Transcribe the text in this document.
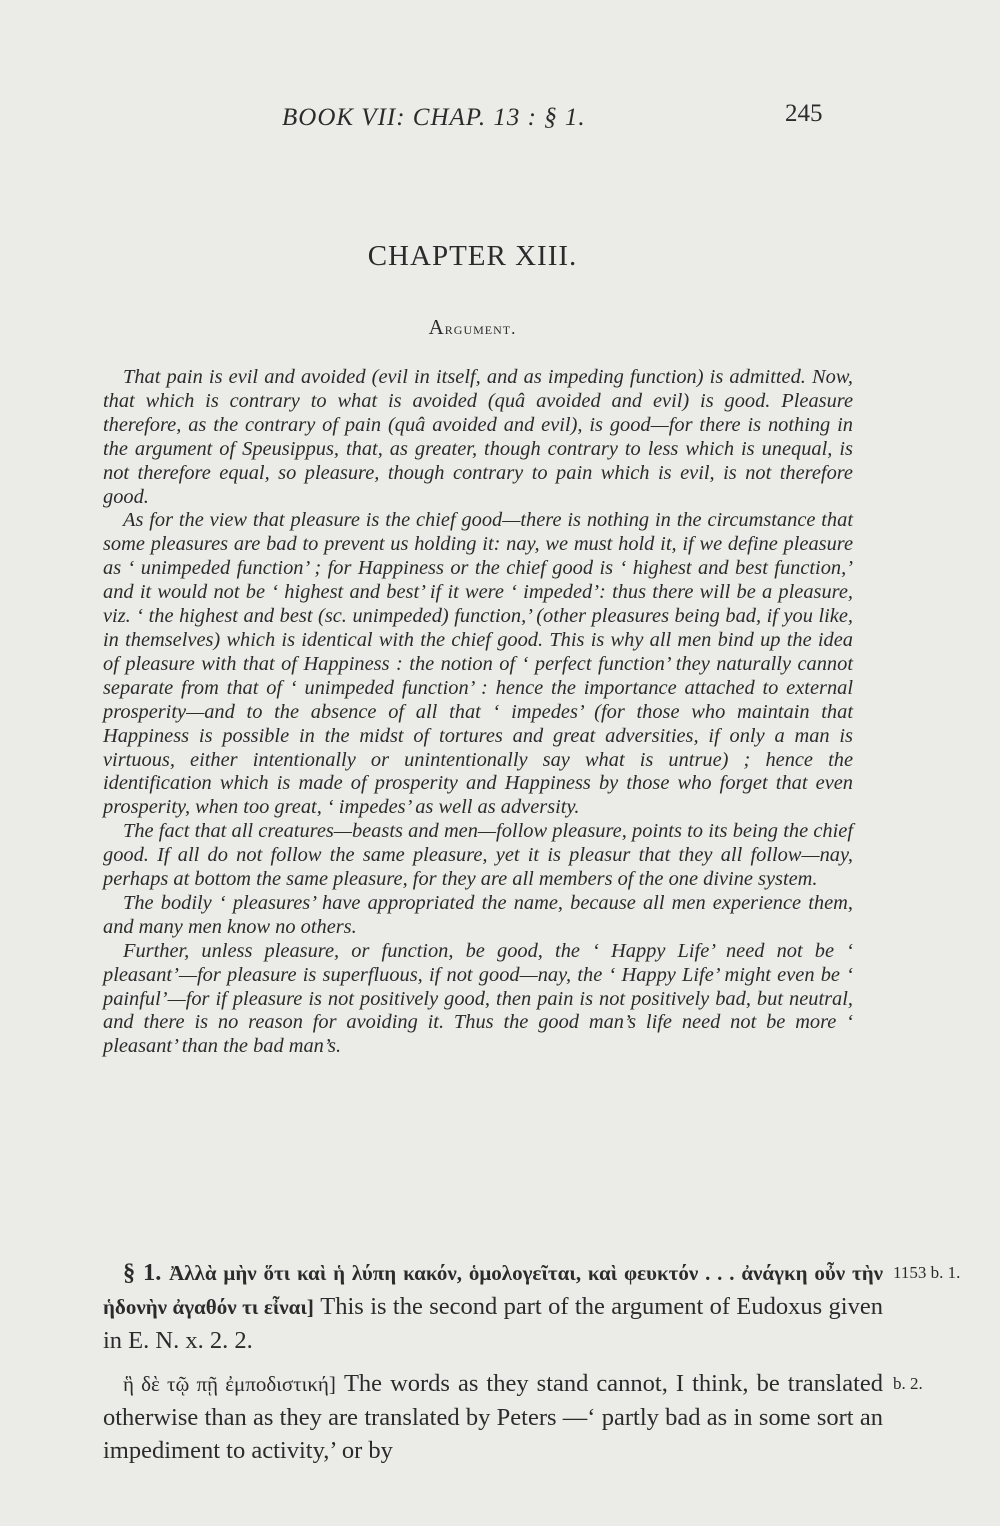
BOOK VII: CHAP. 13 : § 1.	245
CHAPTER XIII.
Argument.

That pain is evil and avoided (evil in itself, and as impeding function) is admitted. Now, that which is contrary to what is avoided (quâ avoided and evil) is good. Pleasure therefore, as the contrary of pain (quâ avoided and evil), is good—for there is nothing in the argument of Speusippus, that, as greater, though contrary to less which is unequal, is not therefore equal, so pleasure, though contrary to pain which is evil, is not therefore good.

As for the view that pleasure is the chief good—there is nothing in the circumstance that some pleasures are bad to prevent us holding it: nay, we must hold it, if we define pleasure as ‘ unimpeded function’ ; for Happiness or the chief good is ‘ highest and best function,’ and it would not be ‘ highest and best’ if it were ‘ impeded’: thus there will be a pleasure, viz. ‘ the highest and best (sc. unimpeded) function,’ (other pleasures being bad, if you like, in themselves) which is identical with the chief good. This is why all men bind up the idea of pleasure with that of Happiness : the notion of ‘ perfect function’ they naturally cannot separate from that of ‘ unimpeded function’ : hence the importance attached to external prosperity—and to the absence of all that ‘ impedes’ (for those who maintain that Happiness is possible in the midst of tortures and great adversities, if only a man is virtuous, either intentionally or unintentionally say what is untrue) ; hence the identification which is made of prosperity and Happiness by those who forget that even prosperity, when too great, ‘ impedes’ as well as adversity.

The fact that all creatures—beasts and men—follow pleasure, points to its being the chief good. If all do not follow the same pleasure, yet it is pleasur that they all follow—nay, perhaps at bottom the same pleasure, for they are all members of the one divine system.

The bodily ‘ pleasures’ have appropriated the name, because all men experience them, and many men know no others.

Further, unless pleasure, or function, be good, the ‘ Happy Life’ need not be ‘ pleasant’—for pleasure is superfluous, if not good—nay, the ‘ Happy Life’ might even be ‘ painful’—for if pleasure is not positively good, then pain is not positively bad, but neutral, and there is no reason for avoiding it. Thus the good man’s life need not be more ‘ pleasant’ than the bad man’s.

§ 1. Ἀλλὰ μὴν ὅτι καὶ ἡ λύπη κακόν, ὁμολογεῖται, καὶ φευκτόν . . . ἀνάγκη οὖν τὴν ἡδονὴν ἀγαθόν τι εἶναι] This is the second part of the argument of Eudoxus given in E. N. x. 2. 2.
1153 b. 1.

ἣ δὲ τῷ πῇ ἐμποδιστική] The words as they stand cannot, I think, be translated otherwise than as they are translated by Peters —‘ partly bad as in some sort an impediment to activity,’ or by
b. 2.
